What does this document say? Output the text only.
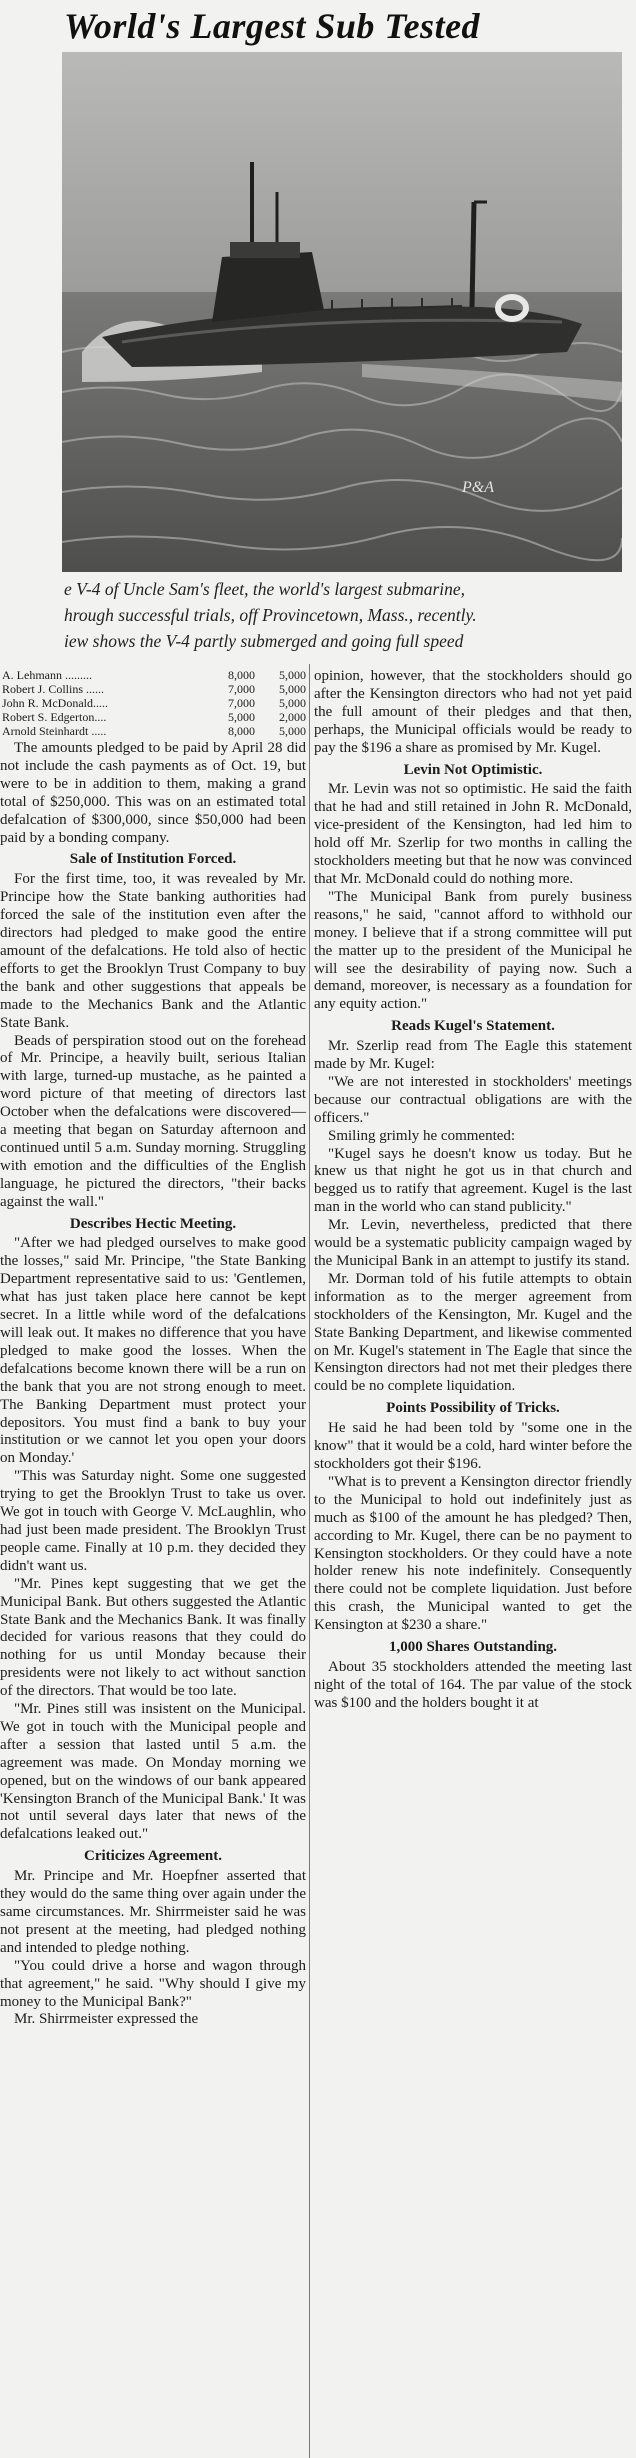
World's Largest Sub Tested
P&A
e V-4 of Uncle Sam's fleet, the world's largest submarine,
hrough successful trials, off Provincetown, Mass., recently.
iew shows the V-4 partly submerged and going full speed
A. Lehmann .........	8,000	5,000
Robert J. Collins ......	7,000	5,000
John R. McDonald.....	7,000	5,000
Robert S. Edgerton....	5,000	2,000
Arnold Steinhardt .....	8,000	5,000

The amounts pledged to be paid by April 28 did not include the cash payments as of Oct. 19, but were to be in addition to them, making a grand total of $250,000. This was on an estimated total defalcation of $300,000, since $50,000 had been paid by a bonding company.

Sale of Institution Forced.

For the first time, too, it was revealed by Mr. Principe how the State banking authorities had forced the sale of the institution even after the directors had pledged to make good the entire amount of the defalcations. He told also of hectic efforts to get the Brooklyn Trust Company to buy the bank and other suggestions that appeals be made to the Mechanics Bank and the Atlantic State Bank.

Beads of perspiration stood out on the forehead of Mr. Principe, a heavily built, serious Italian with large, turned-up mustache, as he painted a word picture of that meeting of directors last October when the defalcations were discovered—a meeting that began on Saturday afternoon and continued until 5 a.m. Sunday morning. Struggling with emotion and the difficulties of the English language, he pictured the directors, "their backs against the wall."

Describes Hectic Meeting.

"After we had pledged ourselves to make good the losses," said Mr. Principe, "the State Banking Department representative said to us: 'Gentlemen, what has just taken place here cannot be kept secret. In a little while word of the defalcations will leak out. It makes no difference that you have pledged to make good the losses. When the defalcations become known there will be a run on the bank that you are not strong enough to meet. The Banking Department must protect your depositors. You must find a bank to buy your institution or we cannot let you open your doors on Monday.'

"This was Saturday night. Some one suggested trying to get the Brooklyn Trust to take us over. We got in touch with George V. McLaughlin, who had just been made president. The Brooklyn Trust people came. Finally at 10 p.m. they decided they didn't want us.

"Mr. Pines kept suggesting that we get the Municipal Bank. But others suggested the Atlantic State Bank and the Mechanics Bank. It was finally decided for various reasons that they could do nothing for us until Monday because their presidents were not likely to act without sanction of the directors. That would be too late.

"Mr. Pines still was insistent on the Municipal. We got in touch with the Municipal people and after a session that lasted until 5 a.m. the agreement was made. On Monday morning we opened, but on the windows of our bank appeared 'Kensington Branch of the Municipal Bank.' It was not until several days later that news of the defalcations leaked out."

Criticizes Agreement.

Mr. Principe and Mr. Hoepfner asserted that they would do the same thing over again under the same circumstances. Mr. Shirrmeister said he was not present at the meeting, had pledged nothing and intended to pledge nothing.

"You could drive a horse and wagon through that agreement," he said. "Why should I give my money to the Municipal Bank?"

Mr. Shirrmeister expressed the

opinion, however, that the stockholders should go after the Kensington directors who had not yet paid the full amount of their pledges and that then, perhaps, the Municipal officials would be ready to pay the $196 a share as promised by Mr. Kugel.

Levin Not Optimistic.

Mr. Levin was not so optimistic. He said the faith that he had and still retained in John R. McDonald, vice-president of the Kensington, had led him to hold off Mr. Szerlip for two months in calling the stockholders meeting but that he now was convinced that Mr. McDonald could do nothing more.

"The Municipal Bank from purely business reasons," he said, "cannot afford to withhold our money. I believe that if a strong committee will put the matter up to the president of the Municipal he will see the desirability of paying now. Such a demand, moreover, is necessary as a foundation for any equity action."

Reads Kugel's Statement.

Mr. Szerlip read from The Eagle this statement made by Mr. Kugel:

"We are not interested in stockholders' meetings because our contractual obligations are with the officers."

Smiling grimly he commented:

"Kugel says he doesn't know us today. But he knew us that night he got us in that church and begged us to ratify that agreement. Kugel is the last man in the world who can stand publicity."

Mr. Levin, nevertheless, predicted that there would be a systematic publicity campaign waged by the Municipal Bank in an attempt to justify its stand.

Mr. Dorman told of his futile attempts to obtain information as to the merger agreement from stockholders of the Kensington, Mr. Kugel and the State Banking Department, and likewise commented on Mr. Kugel's statement in The Eagle that since the Kensington directors had not met their pledges there could be no complete liquidation.

Points Possibility of Tricks.

He said he had been told by "some one in the know" that it would be a cold, hard winter before the stockholders got their $196.

"What is to prevent a Kensington director friendly to the Municipal to hold out indefinitely just as much as $100 of the amount he has pledged? Then, according to Mr. Kugel, there can be no payment to Kensington stockholders. Or they could have a note holder renew his note indefinitely. Consequently there could not be complete liquidation. Just before this crash, the Municipal wanted to get the Kensington at $230 a share."

1,000 Shares Outstanding.

About 35 stockholders attended the meeting last night of the total of 164. The par value of the stock was $100 and the holders bought it at
